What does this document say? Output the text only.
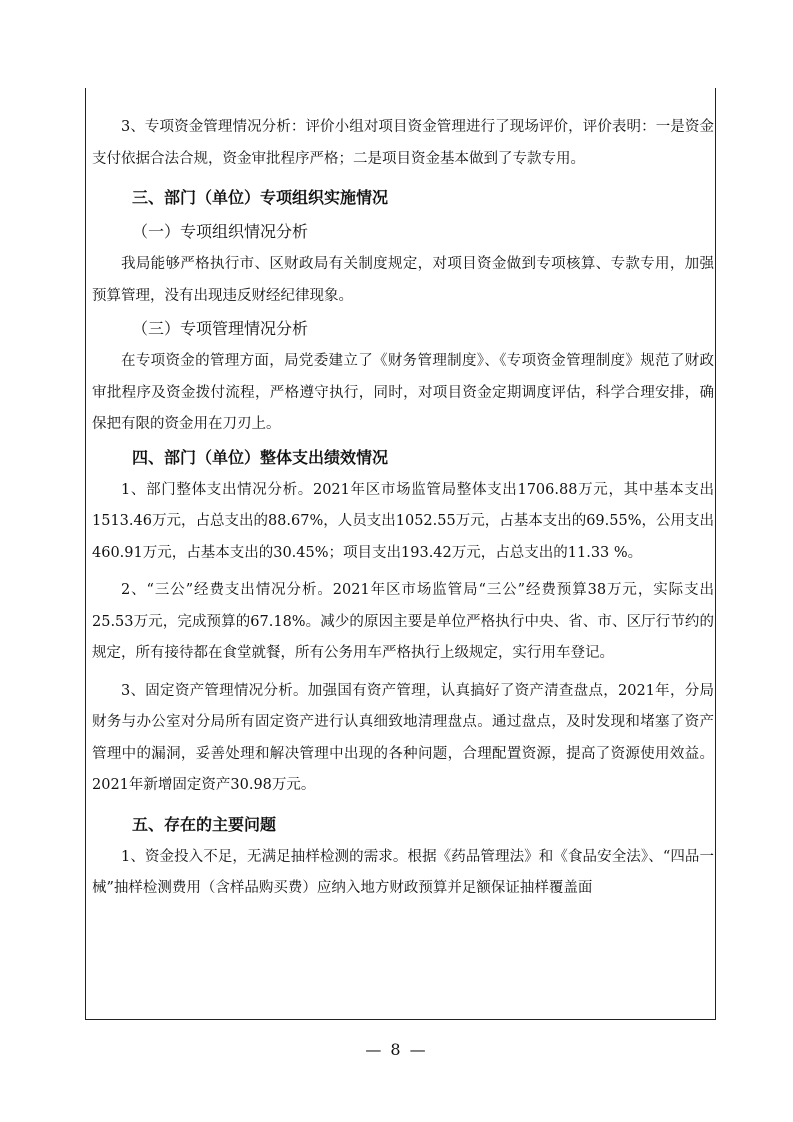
3、专项资金管理情况分析：评价小组对项目资金管理进行了现场评价，评价表明：一是资金支付依据合法合规，资金审批程序严格；二是项目资金基本做到了专款专用。

三、部门（单位）专项组织实施情况

（一）专项组织情况分析

我局能够严格执行市、区财政局有关制度规定，对项目资金做到专项核算、专款专用，加强预算管理，没有出现违反财经纪律现象。

（三）专项管理情况分析

在专项资金的管理方面，局党委建立了《财务管理制度》、《专项资金管理制度》规范了财政审批程序及资金拨付流程，严格遵守执行，同时，对项目资金定期调度评估，科学合理安排，确保把有限的资金用在刀刃上。

四、部门（单位）整体支出绩效情况

1、部门整体支出情况分析。2021年区市场监管局整体支出1706.88万元，其中基本支出1513.46万元，占总支出的88.67%，人员支出1052.55万元，占基本支出的69.55%，公用支出460.91万元，占基本支出的30.45%；项目支出193.42万元，占总支出的11.33 %。

2、“三公”经费支出情况分析。2021年区市场监管局“三公”经费预算38万元，实际支出25.53万元，完成预算的67.18%。减少的原因主要是单位严格执行中央、省、市、区厅行节约的规定，所有接待都在食堂就餐，所有公务用车严格执行上级规定，实行用车登记。

3、固定资产管理情况分析。加强国有资产管理，认真搞好了资产清查盘点，2021年，分局财务与办公室对分局所有固定资产进行认真细致地清理盘点。通过盘点，及时发现和堵塞了资产管理中的漏洞，妥善处理和解决管理中出现的各种问题，合理配置资源，提高了资源使用效益。 2021年新增固定资产30.98万元。

五、存在的主要问题

1、资金投入不足，无满足抽样检测的需求。根据《药品管理法》和《食品安全法》、“四品一械”抽样检测费用（含样品购买费）应纳入地方财政预算并足额保证抽样覆盖面

— 8 —
